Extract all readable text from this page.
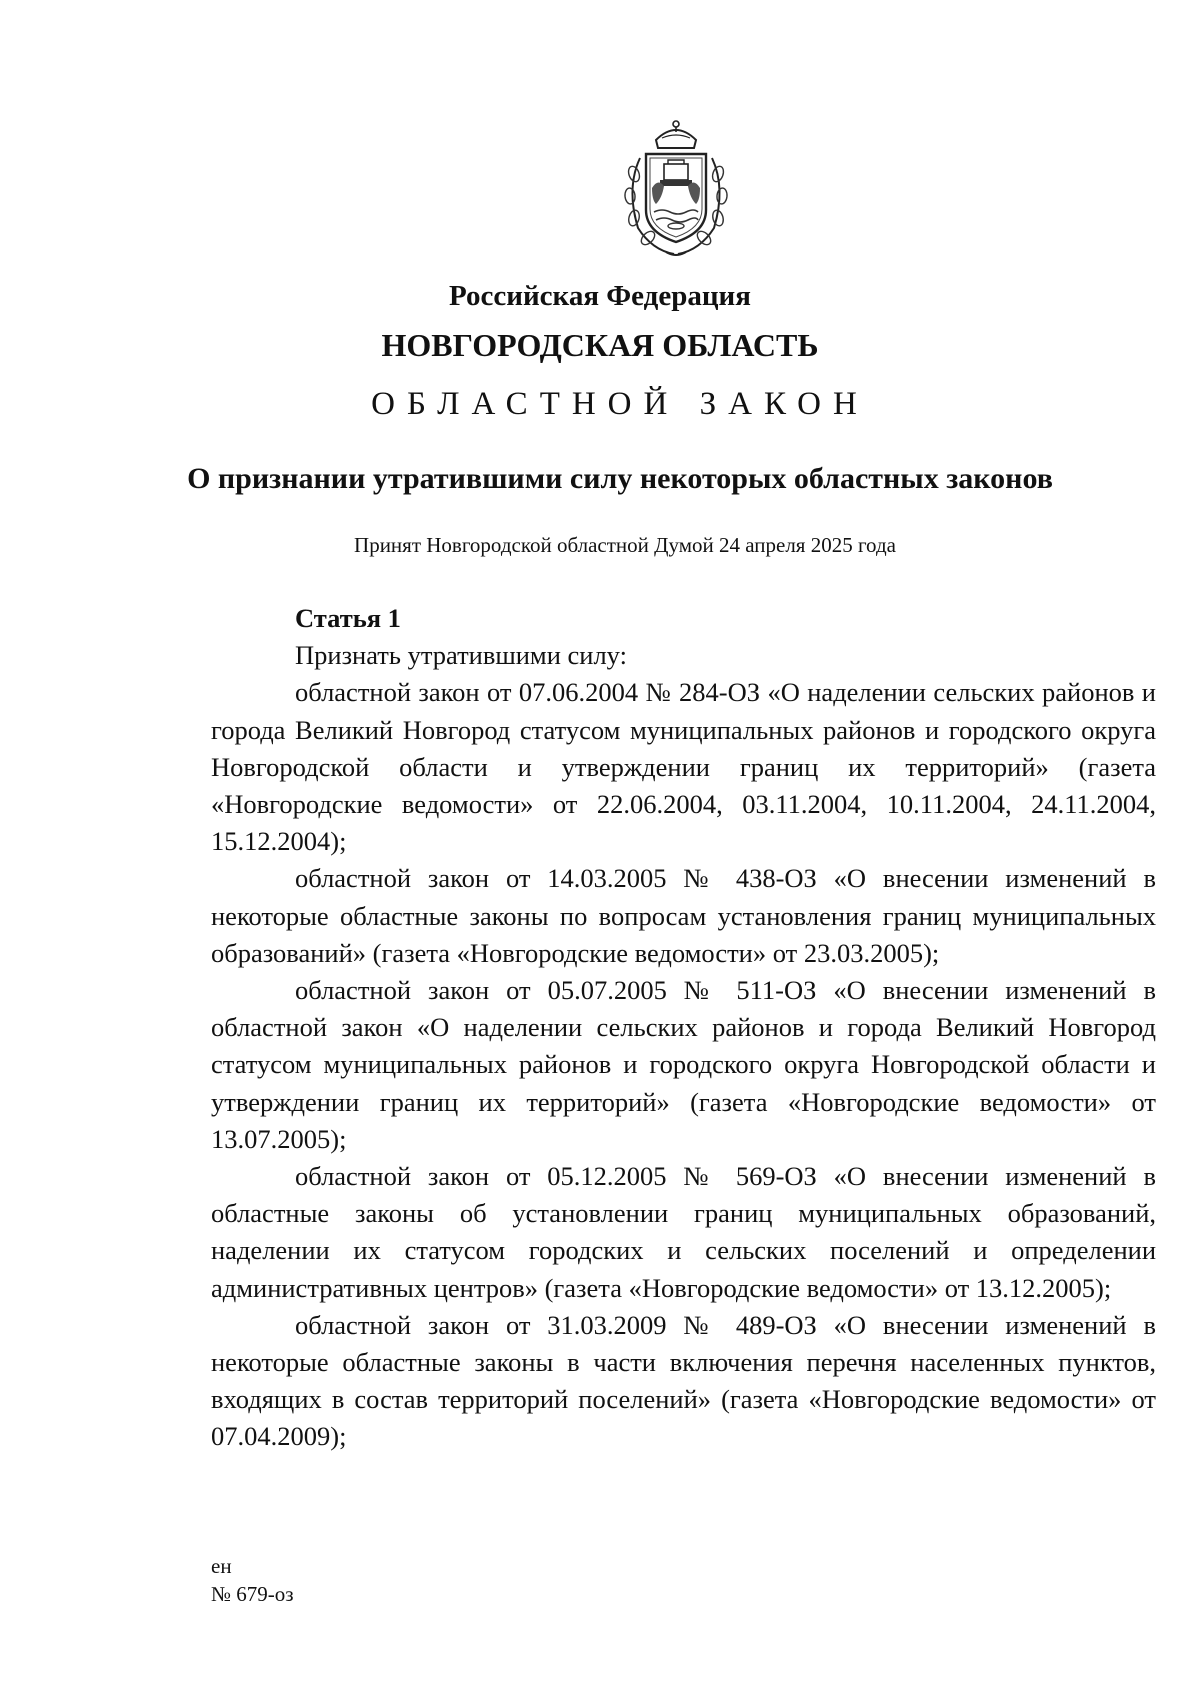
Российская Федерация
НОВГОРОДСКАЯ ОБЛАСТЬ
ОБЛАСТНОЙ ЗАКОН
О признании утратившими силу некоторых областных законов
Принят Новгородской областной Думой 24 апреля 2025 года

Статья 1

Признать утратившими силу:

областной закон от 07.06.2004 № 284-ОЗ «О наделении сельских районов и города Великий Новгород статусом муниципальных районов и городского округа Новгородской области и утверждении границ их территорий» (газета «Новгородские ведомости» от 22.06.2004, 03.11.2004, 10.11.2004, 24.11.2004, 15.12.2004);

областной закон от 14.03.2005 № 438-ОЗ «О внесении изменений в некоторые областные законы по вопросам установления границ муниципальных образований» (газета «Новгородские ведомости» от 23.03.2005);

областной закон от 05.07.2005 № 511-ОЗ «О внесении изменений в областной закон «О наделении сельских районов и города Великий Новгород статусом муниципальных районов и городского округа Новгородской области и утверждении границ их территорий» (газета «Новгородские ведомости» от 13.07.2005);

областной закон от 05.12.2005 № 569-ОЗ «О внесении изменений в областные законы об установлении границ муниципальных образований, наделении их статусом городских и сельских поселений и определении административных центров» (газета «Новгородские ведомости» от 13.12.2005);

областной закон от 31.03.2009 № 489-ОЗ «О внесении изменений в некоторые областные законы в части включения перечня населенных пунктов, входящих в состав территорий поселений» (газета «Новгородские ведомости» от 07.04.2009);

ен
№ 679-оз
